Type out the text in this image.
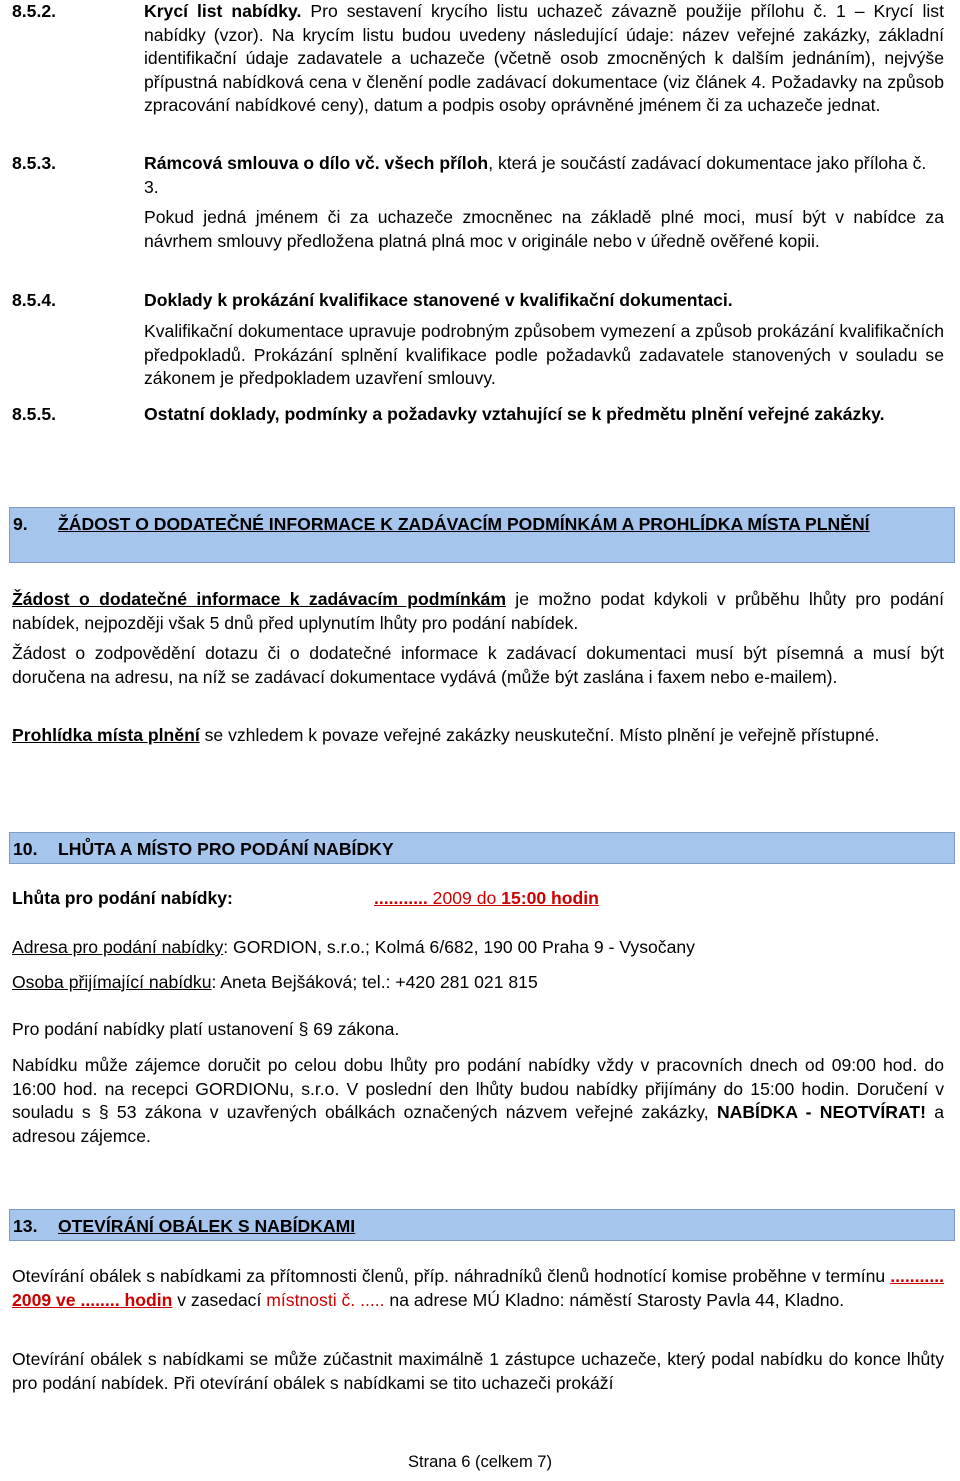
8.5.2.	Krycí list nabídky. Pro sestavení krycího listu uchazeč závazně použije přílohu č. 1 – Krycí list nabídky (vzor). Na krycím listu budou uvedeny následující údaje: název veřejné zakázky, základní identifikační údaje zadavatele a uchazeče (včetně osob zmocněných k dalším jednáním), nejvýše přípustná nabídková cena v členění podle zadávací dokumentace (viz článek 4. Požadavky na způsob zpracování nabídkové ceny), datum a podpis osoby oprávněné jménem či za uchazeče jednat.
8.5.3.	Rámcová smlouva o dílo vč. všech příloh, která je součástí zadávací dokumentace jako příloha č. 3.
Pokud jedná jménem či za uchazeče zmocněnec na základě plné moci, musí být v nabídce za návrhem smlouvy předložena platná plná moc v originále nebo v úředně ověřené kopii.
8.5.4.	Doklady k prokázání kvalifikace stanovené v kvalifikační dokumentaci.
Kvalifikační dokumentace upravuje podrobným způsobem vymezení a způsob prokázání kvalifikačních předpokladů. Prokázání splnění kvalifikace podle požadavků zadavatele stanovených v souladu se zákonem je předpokladem uzavření smlouvy.
8.5.5.	Ostatní doklady, podmínky a požadavky vztahující se k předmětu plnění veřejné zakázky.
9. ŽÁDOST O DODATEČNÉ INFORMACE K ZADÁVACÍM PODMÍNKÁM A PROHLÍDKA MÍSTA PLNĚNÍ
Žádost o dodatečné informace k zadávacím podmínkám je možno podat kdykoli v průběhu lhůty pro podání nabídek, nejpozději však 5 dnů před uplynutím lhůty pro podání nabídek.
Žádost o zodpovědění dotazu či o dodatečné informace k zadávací dokumentaci musí být písemná a musí být doručena na adresu, na níž se zadávací dokumentace vydává (může být zaslána i faxem nebo e-mailem).
Prohlídka místa plnění se vzhledem k povaze veřejné zakázky neuskuteční. Místo plnění je veřejně přístupné.
10. LHŮTA A MÍSTO PRO PODÁNÍ NABÍDKY
Lhůta pro podání nabídky:	........... 2009 do 15:00 hodin
Adresa pro podání nabídky: GORDION, s.r.o.; Kolmá 6/682, 190 00 Praha 9 - Vysočany
Osoba přijímající nabídku: Aneta Bejšáková; tel.: +420 281 021 815
Pro podání nabídky platí ustanovení § 69 zákona.
Nabídku může zájemce doručit po celou dobu lhůty pro podání nabídky vždy v pracovních dnech od 09:00 hod. do 16:00 hod. na recepci GORDIONu, s.r.o. V poslední den lhůty budou nabídky přijímány do 15:00 hodin. Doručení v souladu s § 53 zákona v uzavřených obálkách označených názvem veřejné zakázky, NABÍDKA - NEOTVÍRAT! a adresou zájemce.
13. OTEVÍRÁNÍ OBÁLEK S NABÍDKAMI
Otevírání obálek s nabídkami za přítomnosti členů, příp. náhradníků členů hodnotící komise proběhne v termínu ........... 2009 ve ........ hodin v zasedací místnosti č. ..... na adrese MÚ Kladno: náměstí Starosty Pavla 44, Kladno.
Otevírání obálek s nabídkami se může zúčastnit maximálně 1 zástupce uchazeče, který podal nabídku do konce lhůty pro podání nabídek. Při otevírání obálek s nabídkami se tito uchazeči prokáží
Strana 6 (celkem 7)
